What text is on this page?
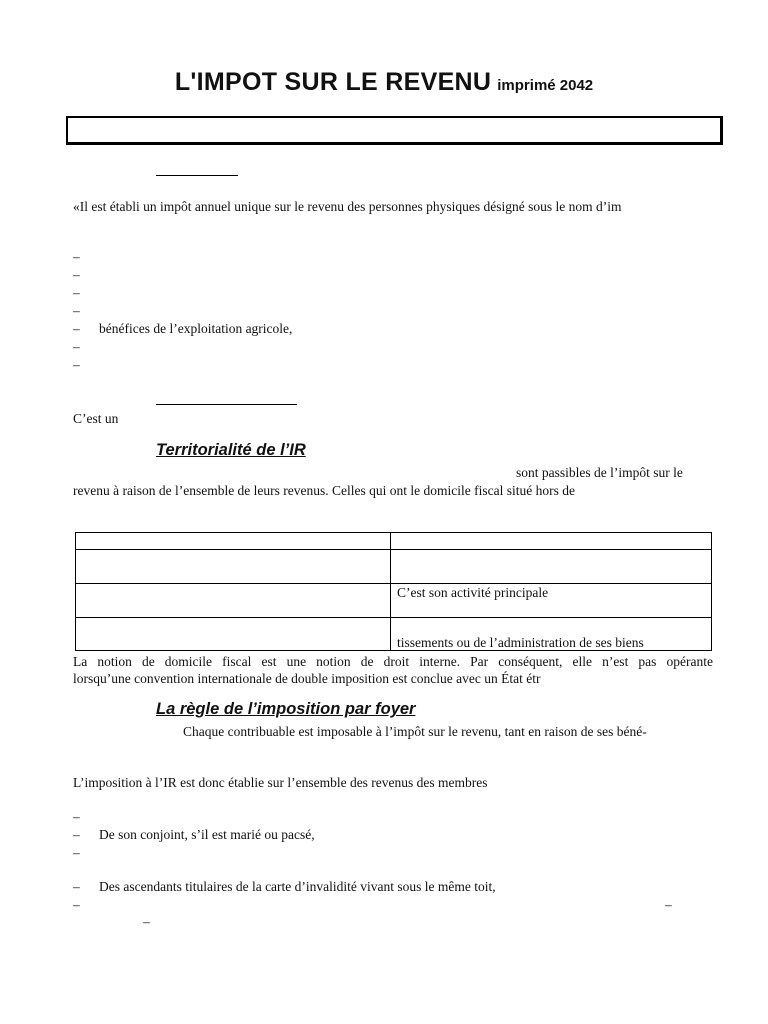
L'IMPOT SUR LE REVENU imprimé 2042
«Il est établi un impôt annuel unique sur le revenu des personnes physiques désigné sous le nom d’im
–
–
–
–
– bénéfices de l’exploitation agricole,
–
–
C’est un
Territorialité de l’IR
sont passibles de l’impôt sur le
revenu à raison de l’ensemble de leurs revenus. Celles qui ont le domicile fiscal situé hors de

	C’est son activité principale
	tissements ou de l’administration de ses biens
La notion de domicile fiscal est une notion de droit interne. Par conséquent, elle n’est pas opérante
lorsqu’une convention internationale de double imposition est conclue avec un État étr
La règle de l’imposition par foyer
Chaque contribuable est imposable à l’impôt sur le revenu, tant en raison de ses béné-
L’imposition à l’IR est donc établie sur l’ensemble des revenus des membres
–
– De son conjoint, s’il est marié ou pacsé,
–
– Des ascendants titulaires de la carte d’invalidité vivant sous le même toit,
–	–
–
